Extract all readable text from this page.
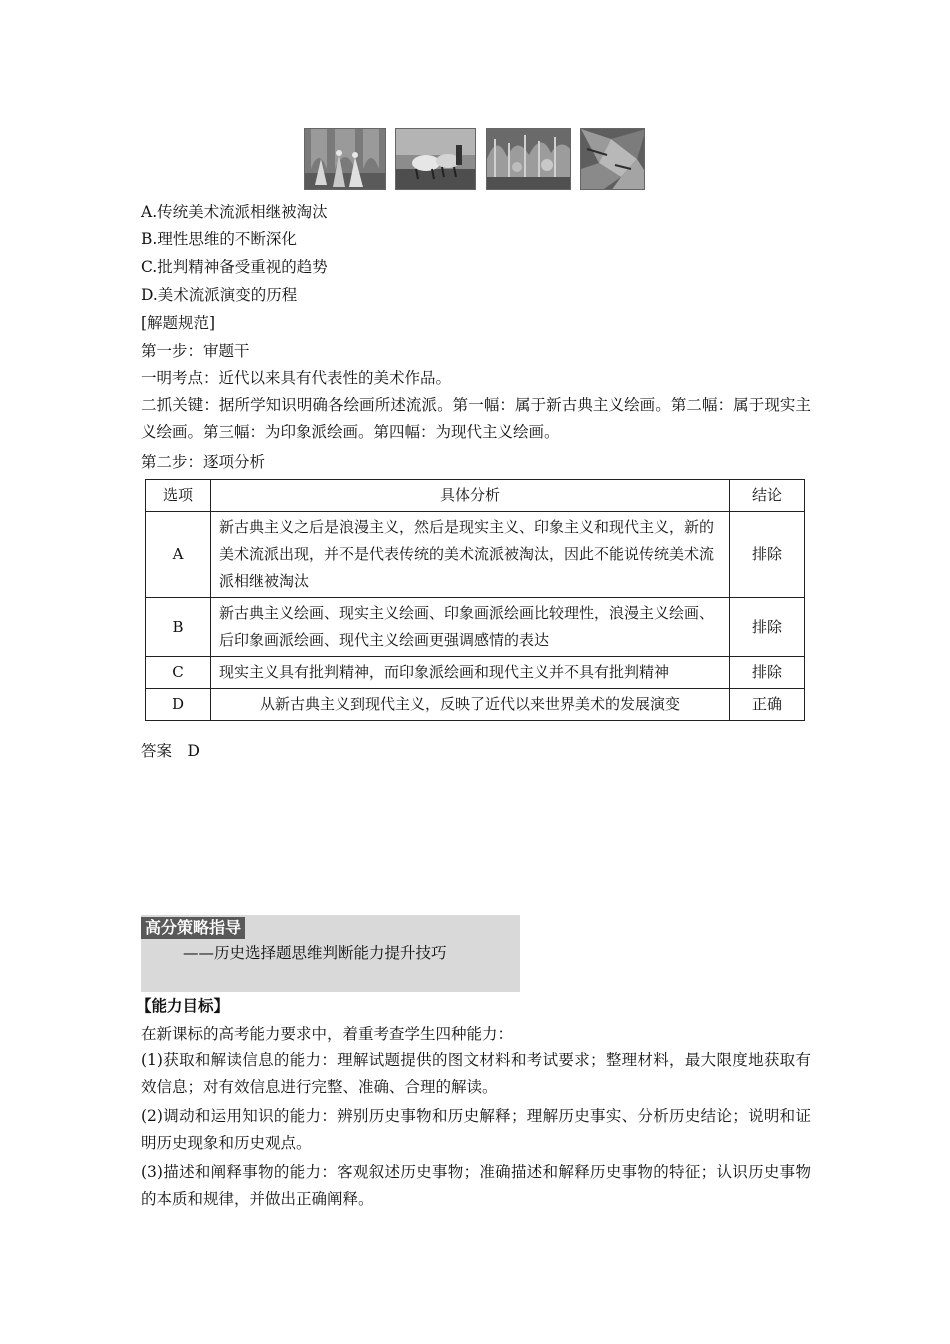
A.传统美术流派相继被淘汰
B.理性思维的不断深化
C.批判精神备受重视的趋势
D.美术流派演变的历程
[解题规范]
第一步：审题干
一明考点：近代以来具有代表性的美术作品。
二抓关键：据所学知识明确各绘画所述流派。第一幅：属于新古典主义绘画。第二幅：属于现实主义绘画。第三幅：为印象派绘画。第四幅：为现代主义绘画。
第二步：逐项分析
选项	具体分析	结论
A	新古典主义之后是浪漫主义，然后是现实主义、印象主义和现代主义，新的美术流派出现，并不是代表传统的美术流派被淘汰，因此不能说传统美术流派相继被淘汰	排除
B	新古典主义绘画、现实主义绘画、印象画派绘画比较理性，浪漫主义绘画、后印象画派绘画、现代主义绘画更强调感情的表达	排除
C	现实主义具有批判精神，而印象派绘画和现代主义并不具有批判精神	排除
D	从新古典主义到现代主义，反映了近代以来世界美术的发展演变	正确
答案　D
高分策略指导
——历史选择题思维判断能力提升技巧
【能力目标】
在新课标的高考能力要求中，着重考查学生四种能力：
(1)获取和解读信息的能力：理解试题提供的图文材料和考试要求；整理材料，最大限度地获取有效信息；对有效信息进行完整、准确、合理的解读。
(2)调动和运用知识的能力：辨别历史事物和历史解释；理解历史事实、分析历史结论；说明和证明历史现象和历史观点。
(3)描述和阐释事物的能力：客观叙述历史事物；准确描述和解释历史事物的特征；认识历史事物的本质和规律，并做出正确阐释。
